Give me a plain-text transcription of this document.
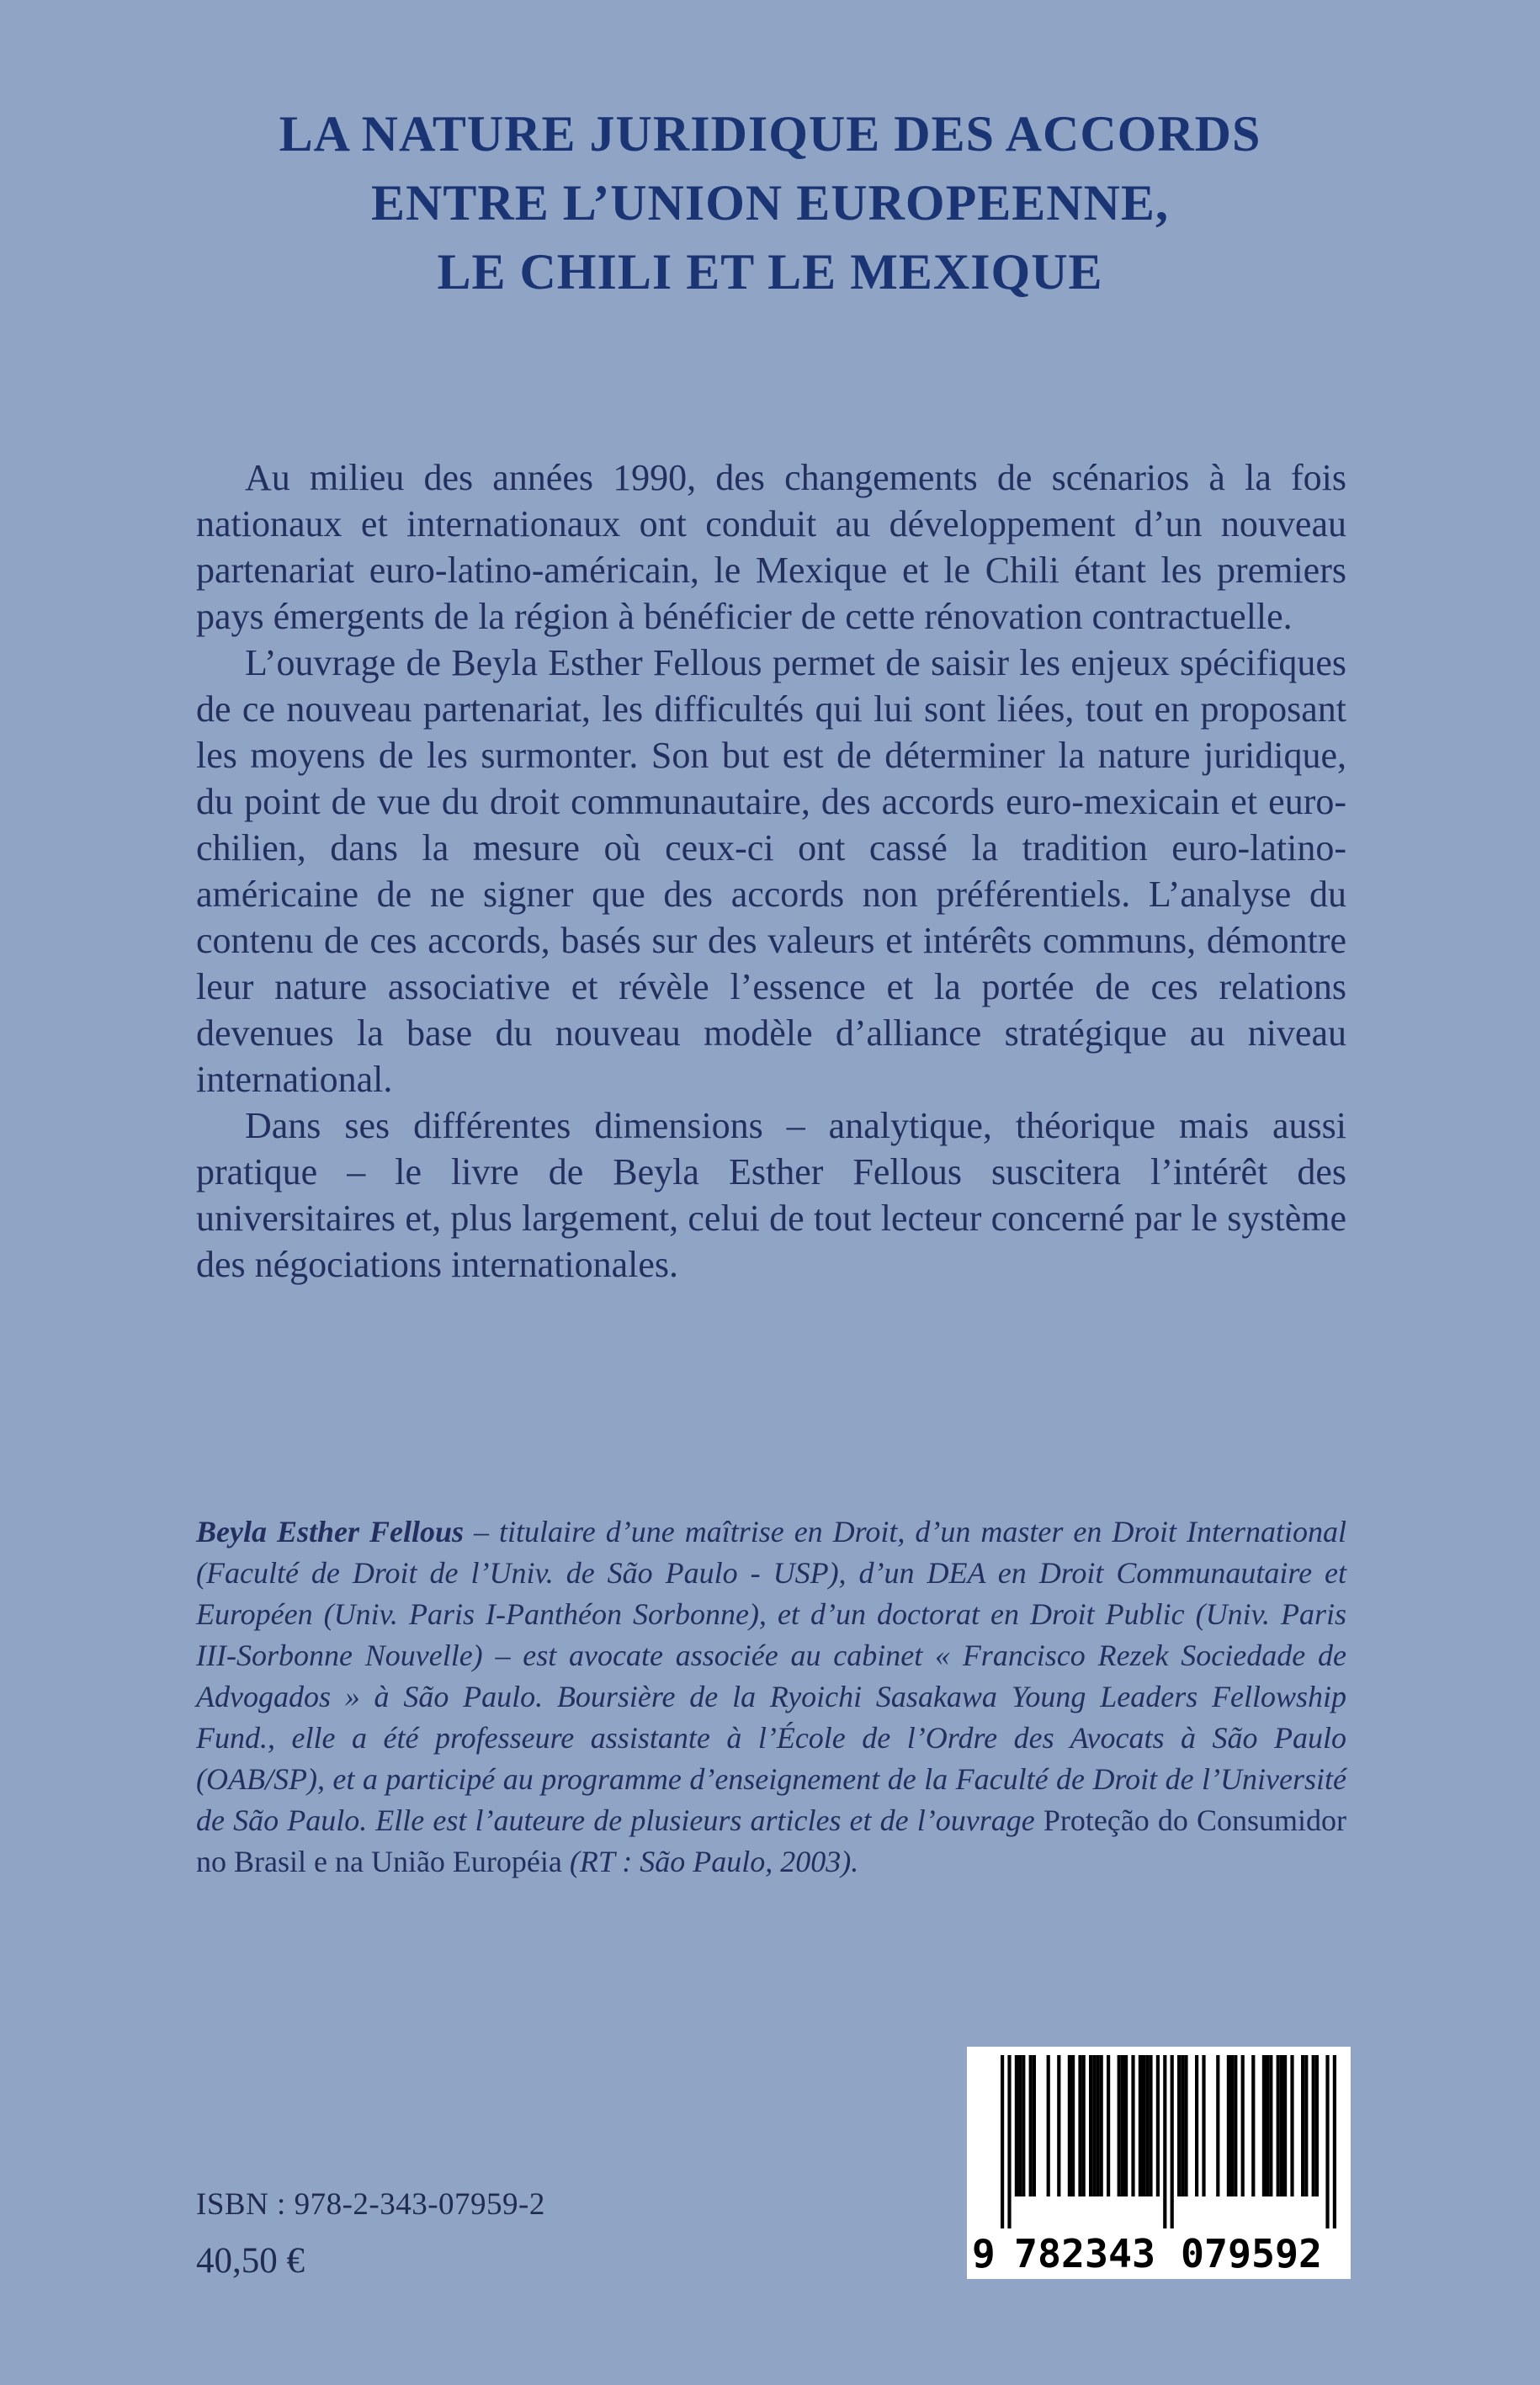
LA NATURE JURIDIQUE DES ACCORDS
ENTRE L’UNION EUROPEENNE,
LE CHILI ET LE MEXIQUE

Au milieu des années 1990, des changements de scénarios à la fois nationaux et internationaux ont conduit au développement d’un nouveau partenariat euro-latino-américain, le Mexique et le Chili étant les premiers pays émergents de la région à bénéficier de cette rénovation contractuelle.

L’ouvrage de Beyla Esther Fellous permet de saisir les enjeux spécifiques de ce nouveau partenariat, les difficultés qui lui sont liées, tout en proposant les moyens de les surmonter. Son but est de déterminer la nature juridique, du point de vue du droit communautaire, des accords euro-mexicain et euro-chilien, dans la mesure où ceux-ci ont cassé la tradition euro-latino-américaine de ne signer que des accords non préférentiels. L’analyse du contenu de ces accords, basés sur des valeurs et intérêts communs, démontre leur nature associative et révèle l’essence et la portée de ces relations devenues la base du nouveau modèle d’alliance stratégique au niveau international.

Dans ses différentes dimensions – analytique, théorique mais aussi pratique – le livre de Beyla Esther Fellous suscitera l’intérêt des universitaires et, plus largement, celui de tout lecteur concerné par le système des négociations internationales.

Beyla Esther Fellous – titulaire d’une maîtrise en Droit, d’un master en Droit International (Faculté de Droit de l’Univ. de São Paulo - USP), d’un DEA en Droit Communautaire et Européen (Univ. Paris I-Panthéon Sorbonne), et d’un doctorat en Droit Public (Univ. Paris III-Sorbonne Nouvelle) – est avocate associée au cabinet « Francisco Rezek Sociedade de Advogados » à São Paulo. Boursière de la Ryoichi Sasakawa Young Leaders Fellowship Fund., elle a été professeure assistante à l’École de l’Ordre des Avocats à São Paulo (OAB/SP), et a participé au programme d’enseignement de la Faculté de Droit de l’Université de São Paulo. Elle est l’auteure de plusieurs articles et de l’ouvrage Proteção do Consumidor no Brasil e na União Européia (RT : São Paulo, 2003).
ISBN : 978-2-343-07959-2
40,50 €	9 782343 079592
